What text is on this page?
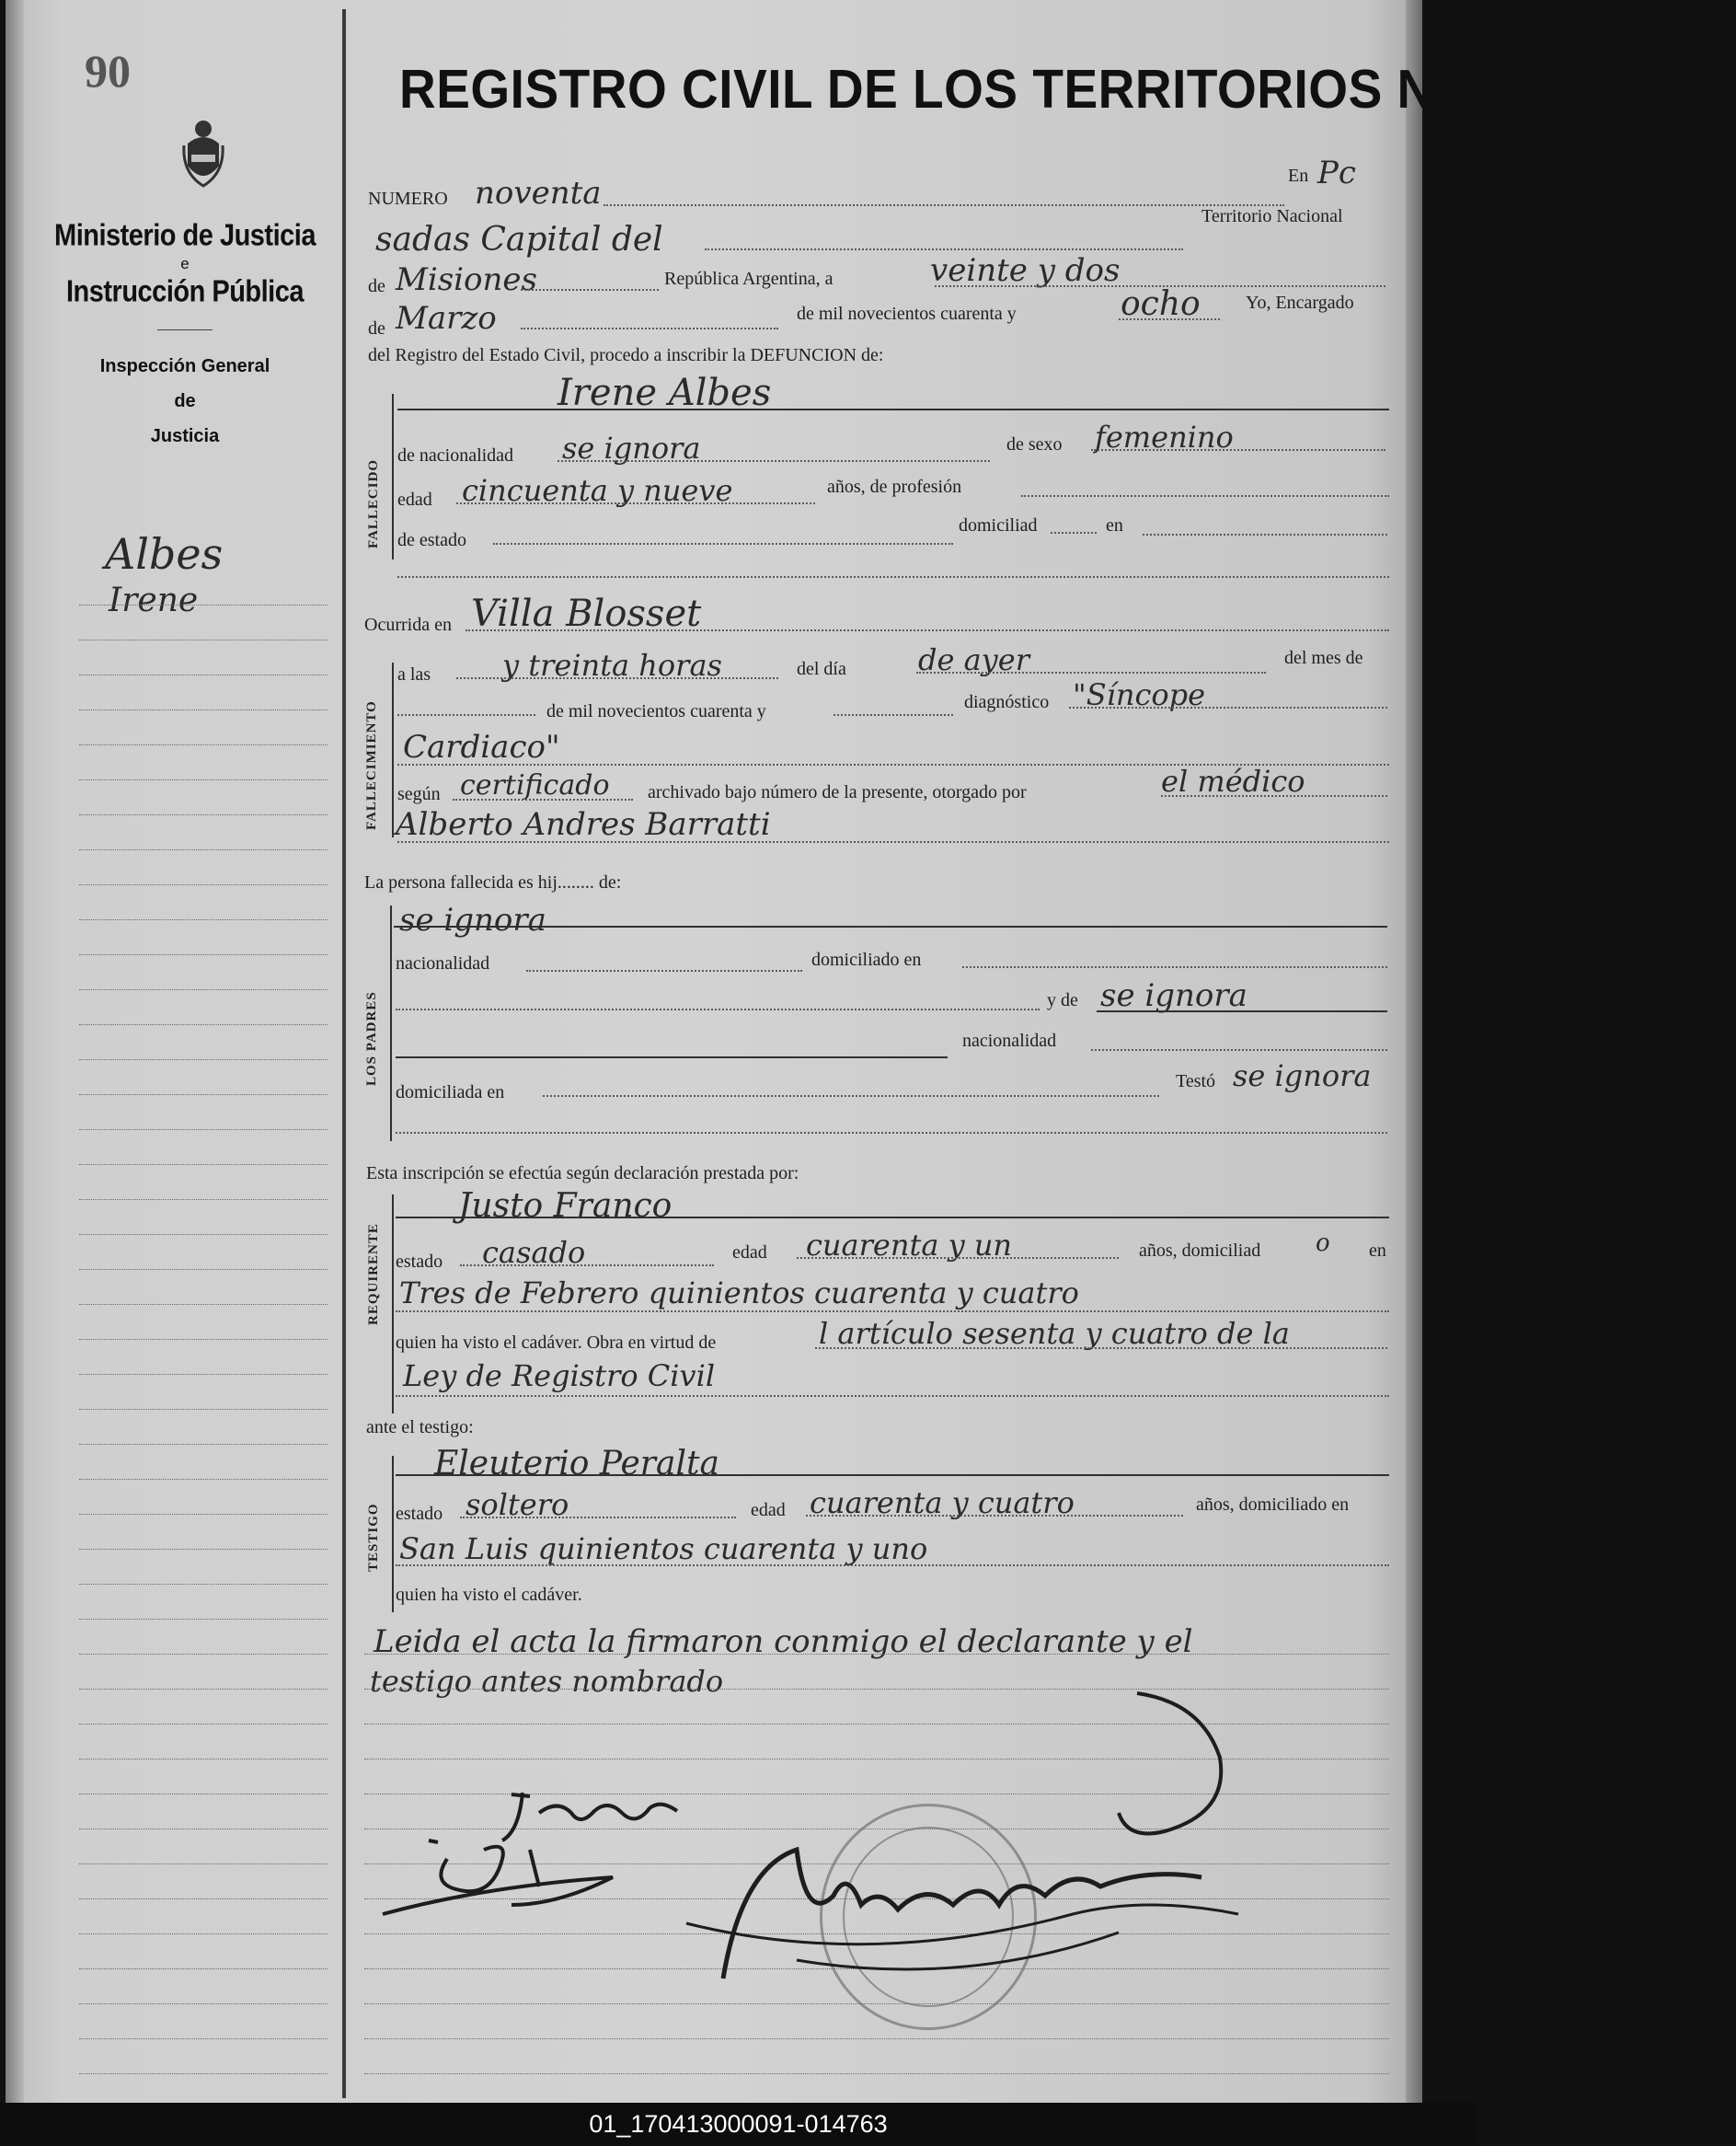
90
Ministerio de Justicia
e
Instrucción Pública
Inspección General
de
Justicia
Albes
Irene
REGISTRO CIVIL DE LOS TERRITORIOS NACIONALES
NUMERO noventa	En Pc
sadas Capital del
Territorio Nacional
de Misiones	República Argentina, a	veinte y dos
de Marzo	de mil novecientos cuarenta y	ocho Yo, Encargado
del Registro del Estado Civil, procedo a inscribir la DEFUNCION de:
FALLECIDO
Irene Albes
de nacionalidad se ignora	de sexo femenino
edad cincuenta y nueve	años, de profesión
de estado
domiciliad	en
Ocurrida en Villa Blosset
FALLECIMIENTO
a las y treinta horas	del día de ayer	del mes de
de mil novecientos cuarenta y	diagnóstico "Síncope
Cardiaco"
según certificado archivado bajo número de la presente, otorgado por	el médico
Alberto Andres Barratti
La persona fallecida es hij........ de:
LOS PADRES
se ignora
nacionalidad	domiciliado en
y de se ignora
nacionalidad
domiciliada en
Testó se ignora
Esta inscripción se efectúa según declaración prestada por:
REQUIRENTE
Justo Franco
estado casado	edad cuarenta y un	años, domiciliad o en
Tres de Febrero quinientos cuarenta y cuatro
quien ha visto el cadáver. Obra en virtud de	l artículo sesenta y cuatro de la
Ley de Registro Civil
ante el testigo:
TESTIGO
Eleuterio Peralta
estado soltero	edad cuarenta y cuatro	años, domiciliado en
San Luis quinientos cuarenta y uno
quien ha visto el cadáver.
Leida el acta la firmaron conmigo el declarante y el
testigo antes nombrado
01_170413000091-014763
